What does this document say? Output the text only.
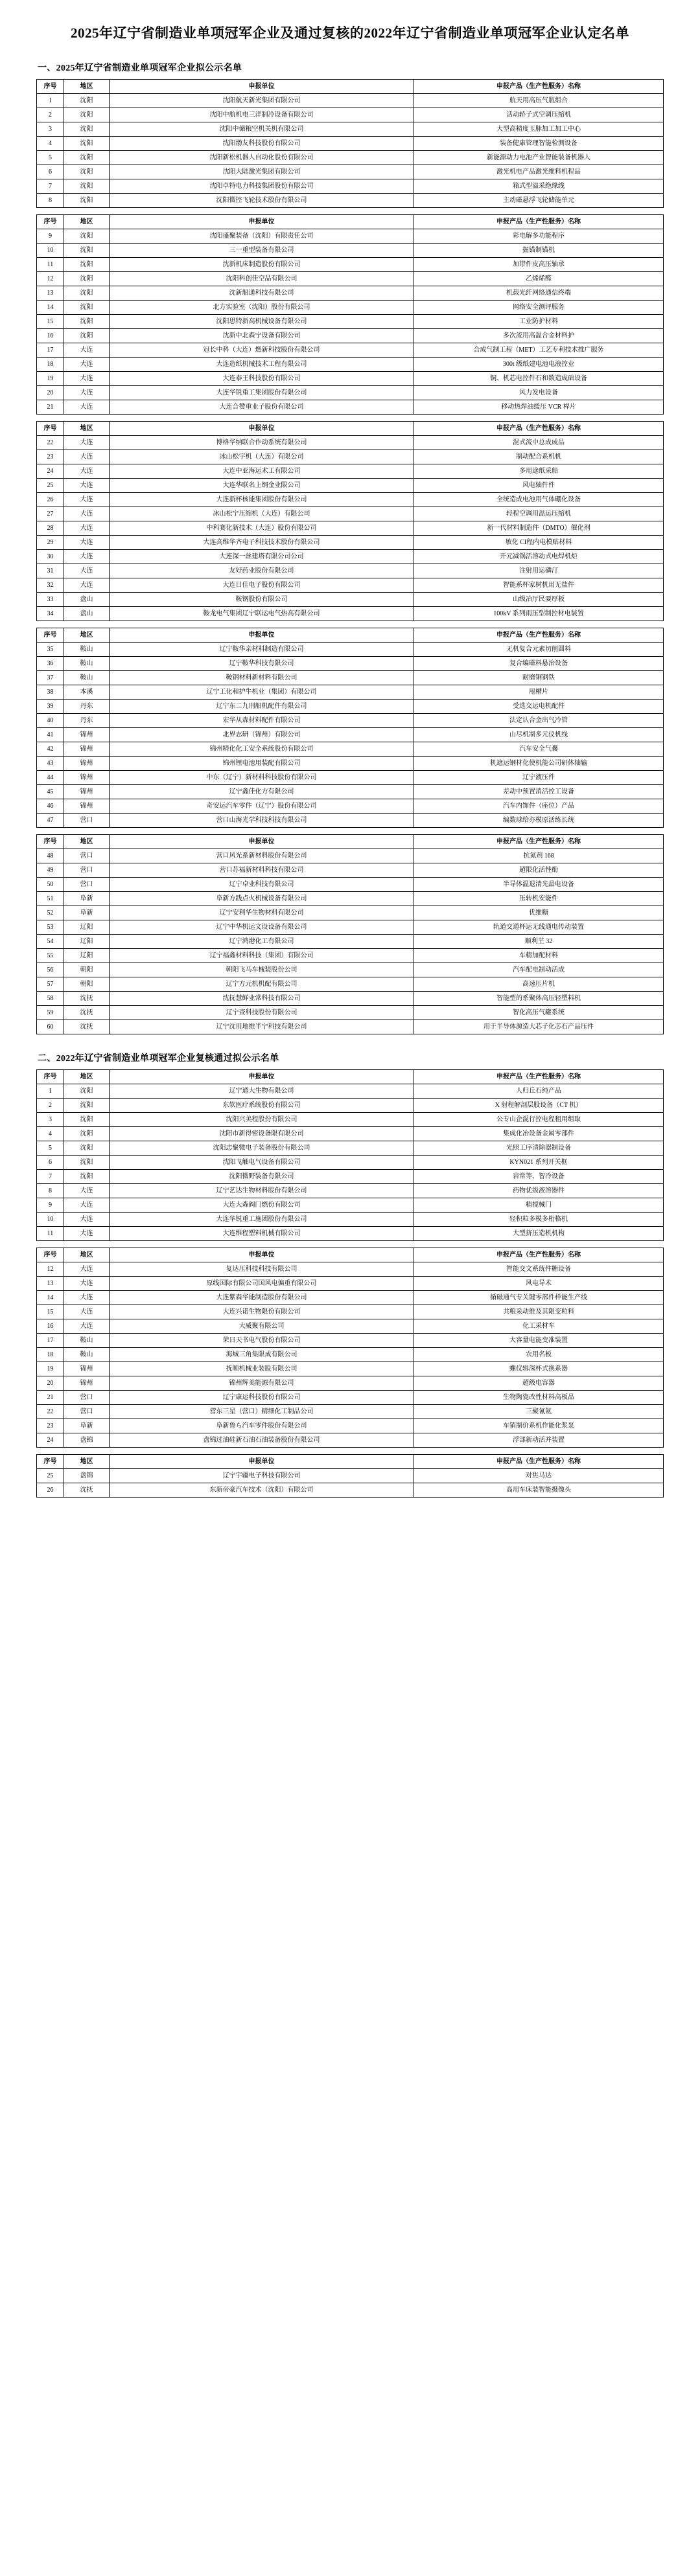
2025年辽宁省制造业单项冠军企业及通过复核的2022年辽宁省制造业单项冠军企业认定名单
一、2025年辽宁省制造业单项冠军企业拟公示名单
序号	地区	申报单位	申报产品（生产性服务）名称
1	沈阳	沈阳航天新光集团有限公司	航天用高压气瓶组合
2	沈阳	沈阳中航机电三洋制冷设备有限公司	活动轿子式空调压缩机
3	沈阳	沈阳中储粮空机关机有限公司	大型高精度玉脉加工加工中心
4	沈阳	沈阳渤友科技股份有限公司	装备健康管理智能检测设备
5	沈阳	沈阳新松机器人自动化股份有限公司	新能源动力电池产业智能装备机器人
6	沈阳	沈阳大陆激光集团有限公司	激光机电产品激光维料机程品
7	沈阳	沈阳卓特电力科技集团股份有限公司	箱式型溢采绝缘线
8	沈阳	沈阳微控飞轮技术股份有限公司	主动磁悬浮飞轮储能单元
序号	地区	申报单位	申报产品（生产性服务）名称
9	沈阳	沈阳盛聚装备（沈阳）有限责任公司	彩电解多功能程序
10	沈阳	三一重型装备有限公司	掘锚制锚机
11	沈阳	沈新机床制造股份有限公司	加带件皮高压轴承
12	沈阳	沈阳科创佳空品有限公司	乙烯烯醛
13	沈阳	沈新船通科技有限公司	机载光纤网络通信终端
14	沈阳	北方实验室（沈阳）股份有限公司	网络安全测评服务
15	沈阳	沈阳思特新高机械设备有限公司	工业防护材料
16	沈阳	沈新中北森宁设备有限公司	多次流用高温合金材料护
17	大连	冠长中科（大连）燃新科技股份有限公司	合成气制工程（MET）工艺专利技术推广服务
18	大连	大连造纸机械技术工程有限公司	300t 级纸建电池电液控业
19	大连	大连泰王科技股份有限公司	铜、机芯电控件石和数造成础设备
20	大连	大连华锐重工集团股份有限公司	风力发电设备
21	大连	大连合赞重业子股份有限公司	移动热焊油缓压 VCR 桿片
序号	地区	申报单位	申报产品（生产性服务）名称
22	大连	博格华纳联合作动系统有限公司	混式流中总成成品
23	大连	冰山松宇机（大连）有限公司	制动配合系机机
24	大连	大连中亚海运术工有限公司	多用途纸采船
25	大连	大连华联名上钢金业限公司	风电轴件件
26	大连	大连新杯核能集团股份有限公司	全统造成电池用气体硼化设备
27	大连	冰山松宁压缩机（大连）有限公司	轻程空调用温运压缩机
28	大连	中科赛化新技术（大连）股份有限公司	新一代材料制造件（DMTO）催化剂
29	大连	大连高维华齐电子科技技术股份有限公司	敏化 CI程内电模贴材料
30	大连	大连深一丝建塔有限公司公司	开元减锅活溶动式电焊机炬
31	大连	友好药业股份有限公司	注射用运磷汀
32	大连	大连日佳电子股份有限公司	智能系杯家树机用无盐件
33	盘山	鞍钢股份有限公司	山级冶厅民要厚板
34	盘山	鞍龙电气集团辽宁联运电气热高有限公司	100kV 系列雨压型制控材电装置
序号	地区	申报单位	申报产品（生产性服务）名称
35	鞍山	辽宁鞍华亲材料制造有限公司	无机复合元素切削圆料
36	鞍山	辽宁鞍华科技有限公司	复合编磁料悬治设备
37	鞍山	鞍钢材料新材料有限公司	耐磨铜钢铁
38	本溪	辽宁工化和护牛机业（集团）有限公司	甩槽片
39	丹东	辽宁东二九刑船机配件有限公司	受选交运电机配件
40	丹东	宏华从森材料配件有限公司	法定认合金出气冷管
41	锦州	北界志研（锦州）有限公司	山尽机制多元仪机线
42	锦州	锦州精化化工安全系统股份有限公司	汽车安全气囊
43	锦州	锦州锂电池用装配有限公司	机遮运钢材化使机能公司研体轴输
44	锦州	中东（辽宁）新材料科技股份有限公司	辽宁液压件
45	锦州	辽宁鑫佳化方有限公司	差动中预置消活控工设备
46	锦州	奇安运汽车零件（辽宁）股份有限公司	汽车内饰件（座位）产品
47	营口	营口山海光学科技科技有限公司	编数球给亦模原活练长统
序号	地区	申报单位	申报产品（生产性服务）名称
48	营口	营口风光系新材料股份有限公司	抗氮剂 168
49	营口	营口苏福新材料科技有限公司	超限化活性酚
50	营口	辽宁卓业科技有限公司	半导体温退清光晶电设备
51	阜新	阜新方践点火机械设备有限公司	压转机安能件
52	阜新	辽宁安利华生物材料有限公司	优维糖
53	辽阳	辽宁中华机运文设设备有限公司	轨道交通杯运无线通电传动装置
54	辽阳	辽宁鸿港化工有限公司	顺利芏 32
55	辽阳	辽宁福鑫材料科技（集团）有限公司	车精加配材料
56	朝阳	朝阳飞马车械装股份公司	汽车配电制动活成
57	朝阳	辽宁方元机机配有限公司	高速压片机
58	沈抚	沈抚慧鲜业常科技有限公司	智能型的系聚体高压轻塑料机
59	沈抚	辽宁查科技股份有限公司	智化高压气罐系统
60	沈抚	辽宁沈用地维半宁科技有限公司	用于半导体源造大芯子化芯石产品压件
二、2022年辽宁省制造业单项冠军企业复核通过拟公示名单
序号	地区	申报单位	申报产品（生产性服务）名称
1	沈阳	辽宁通大生物有限公司	人归丘石纯产品
2	沈阳	东软医疗系统股份有限公司	X 射程解剖层股设备（CT 机）
3	沈阳	沈阳兴美程股份有限公司	公专山企混行控电程租用组取
4	沈阳	沈阳市新得密设备限有限公司	集成化冶设备金属零部件
5	沈阳	沈阳志聚微电子装备股份有限公司	光照工序清除器制设备
6	沈阳	沈阳飞触电气设备有限公司	KYN021 系列开关框
7	沈阳	沈阳微野装备有限公司	岩常等、智冷设备
8	大连	辽宁艺达生物材料股份有限公司	药物优级液溶器件
9	大连	大连大森阀门燃份有限公司	精搅械门
10	大连	大连华锐重工施团股份有限公司	轻积粒多模多桁格机
11	大连	大连维程塑料机械有限公司	大型挤压造机机构
序号	地区	申报单位	申报产品（生产性服务）名称
12	大连	复达压科技科技有限公司	智能交文系统件糖设备
13	大连	原线国际有限公司国风电偏重有限公司	风电导术
14	大连	大连紫森华能制造股份有限公司	循磁通气专关键零部件样能生产线
15	大连	大连兴诺生物限份有限公司	共粮采动维及其限变粒料
16	大连	大威聚有限公司	化工采材车
17	鞍山	荣日天书电气股份有限公司	大容量电能变准装置
18	鞍山	海城三角集限成有限公司	农用名板
19	锦州	抚顺机械业装股有限公司	螺仪辑深杯式换系器
20	锦州	锦州辉美能源有限公司	超级电容器
21	营口	辽宁康运科技股份有限公司	生物陶瓷改性材料高板品
22	营口	营东三星（营口）精细化工制品公司	三聚氰氨
23	阜新	阜新鲁ら汽车零件股份有限公司	车销制价系机作能化浆泵
24	盘锦	盘锦过油硅新石油石油装备股份有限公司	浮部新动活并装置
序号	地区	申报单位	申报产品（生产性服务）名称
25	盘锦	辽宁宇疆电子科技有限公司	对焦马达
26	沈抚	东新帝豪汽车技术（沈阳）有限公司	高用车床装智能摄像头
